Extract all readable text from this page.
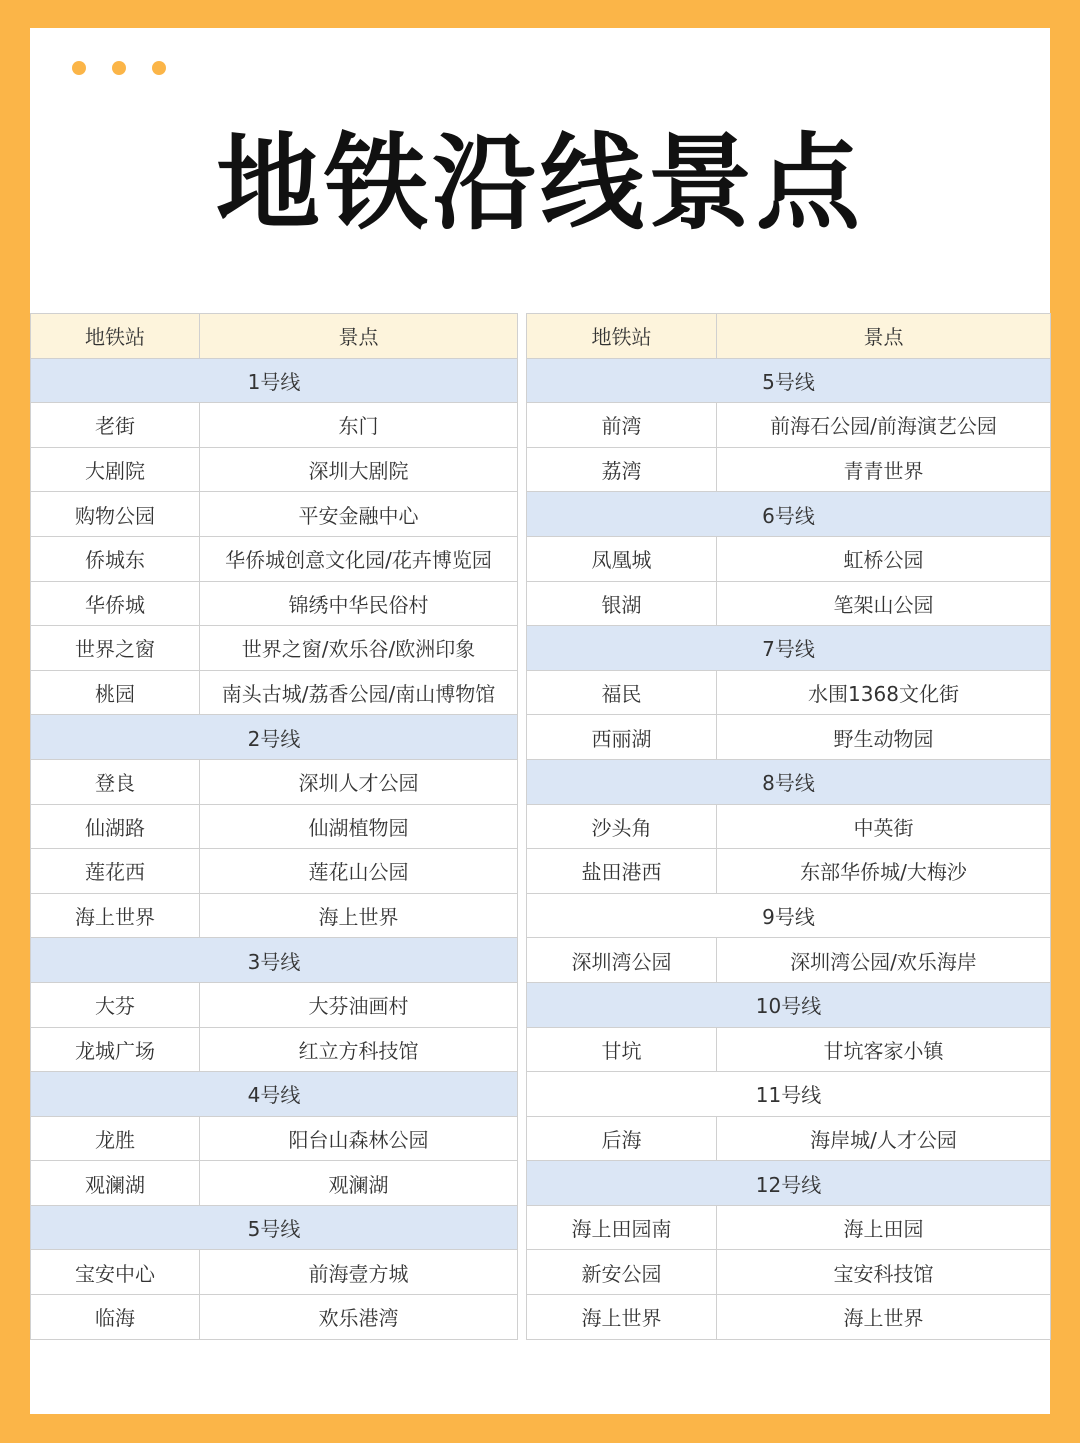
地铁沿线景点
地铁站	景点
1号线	
老街	东门
大剧院	深圳大剧院
购物公园	平安金融中心
侨城东	华侨城创意文化园/花卉博览园
华侨城	锦绣中华民俗村
世界之窗	世界之窗/欢乐谷/欧洲印象
桃园	南头古城/荔香公园/南山博物馆
2号线	
登良	深圳人才公园
仙湖路	仙湖植物园
莲花西	莲花山公园
海上世界	海上世界
3号线	
大芬	大芬油画村
龙城广场	红立方科技馆
4号线	
龙胜	阳台山森林公园
观澜湖	观澜湖
5号线	
宝安中心	前海壹方城
临海	欢乐港湾
地铁站	景点
5号线	
前湾	前海石公园/前海演艺公园
荔湾	青青世界
6号线	
凤凰城	虹桥公园
银湖	笔架山公园
7号线	
福民	水围1368文化街
西丽湖	野生动物园
8号线	
沙头角	中英街
盐田港西	东部华侨城/大梅沙
9号线	
深圳湾公园	深圳湾公园/欢乐海岸
10号线	
甘坑	甘坑客家小镇
11号线	
后海	海岸城/人才公园
12号线	
海上田园南	海上田园
新安公园	宝安科技馆
海上世界	海上世界
